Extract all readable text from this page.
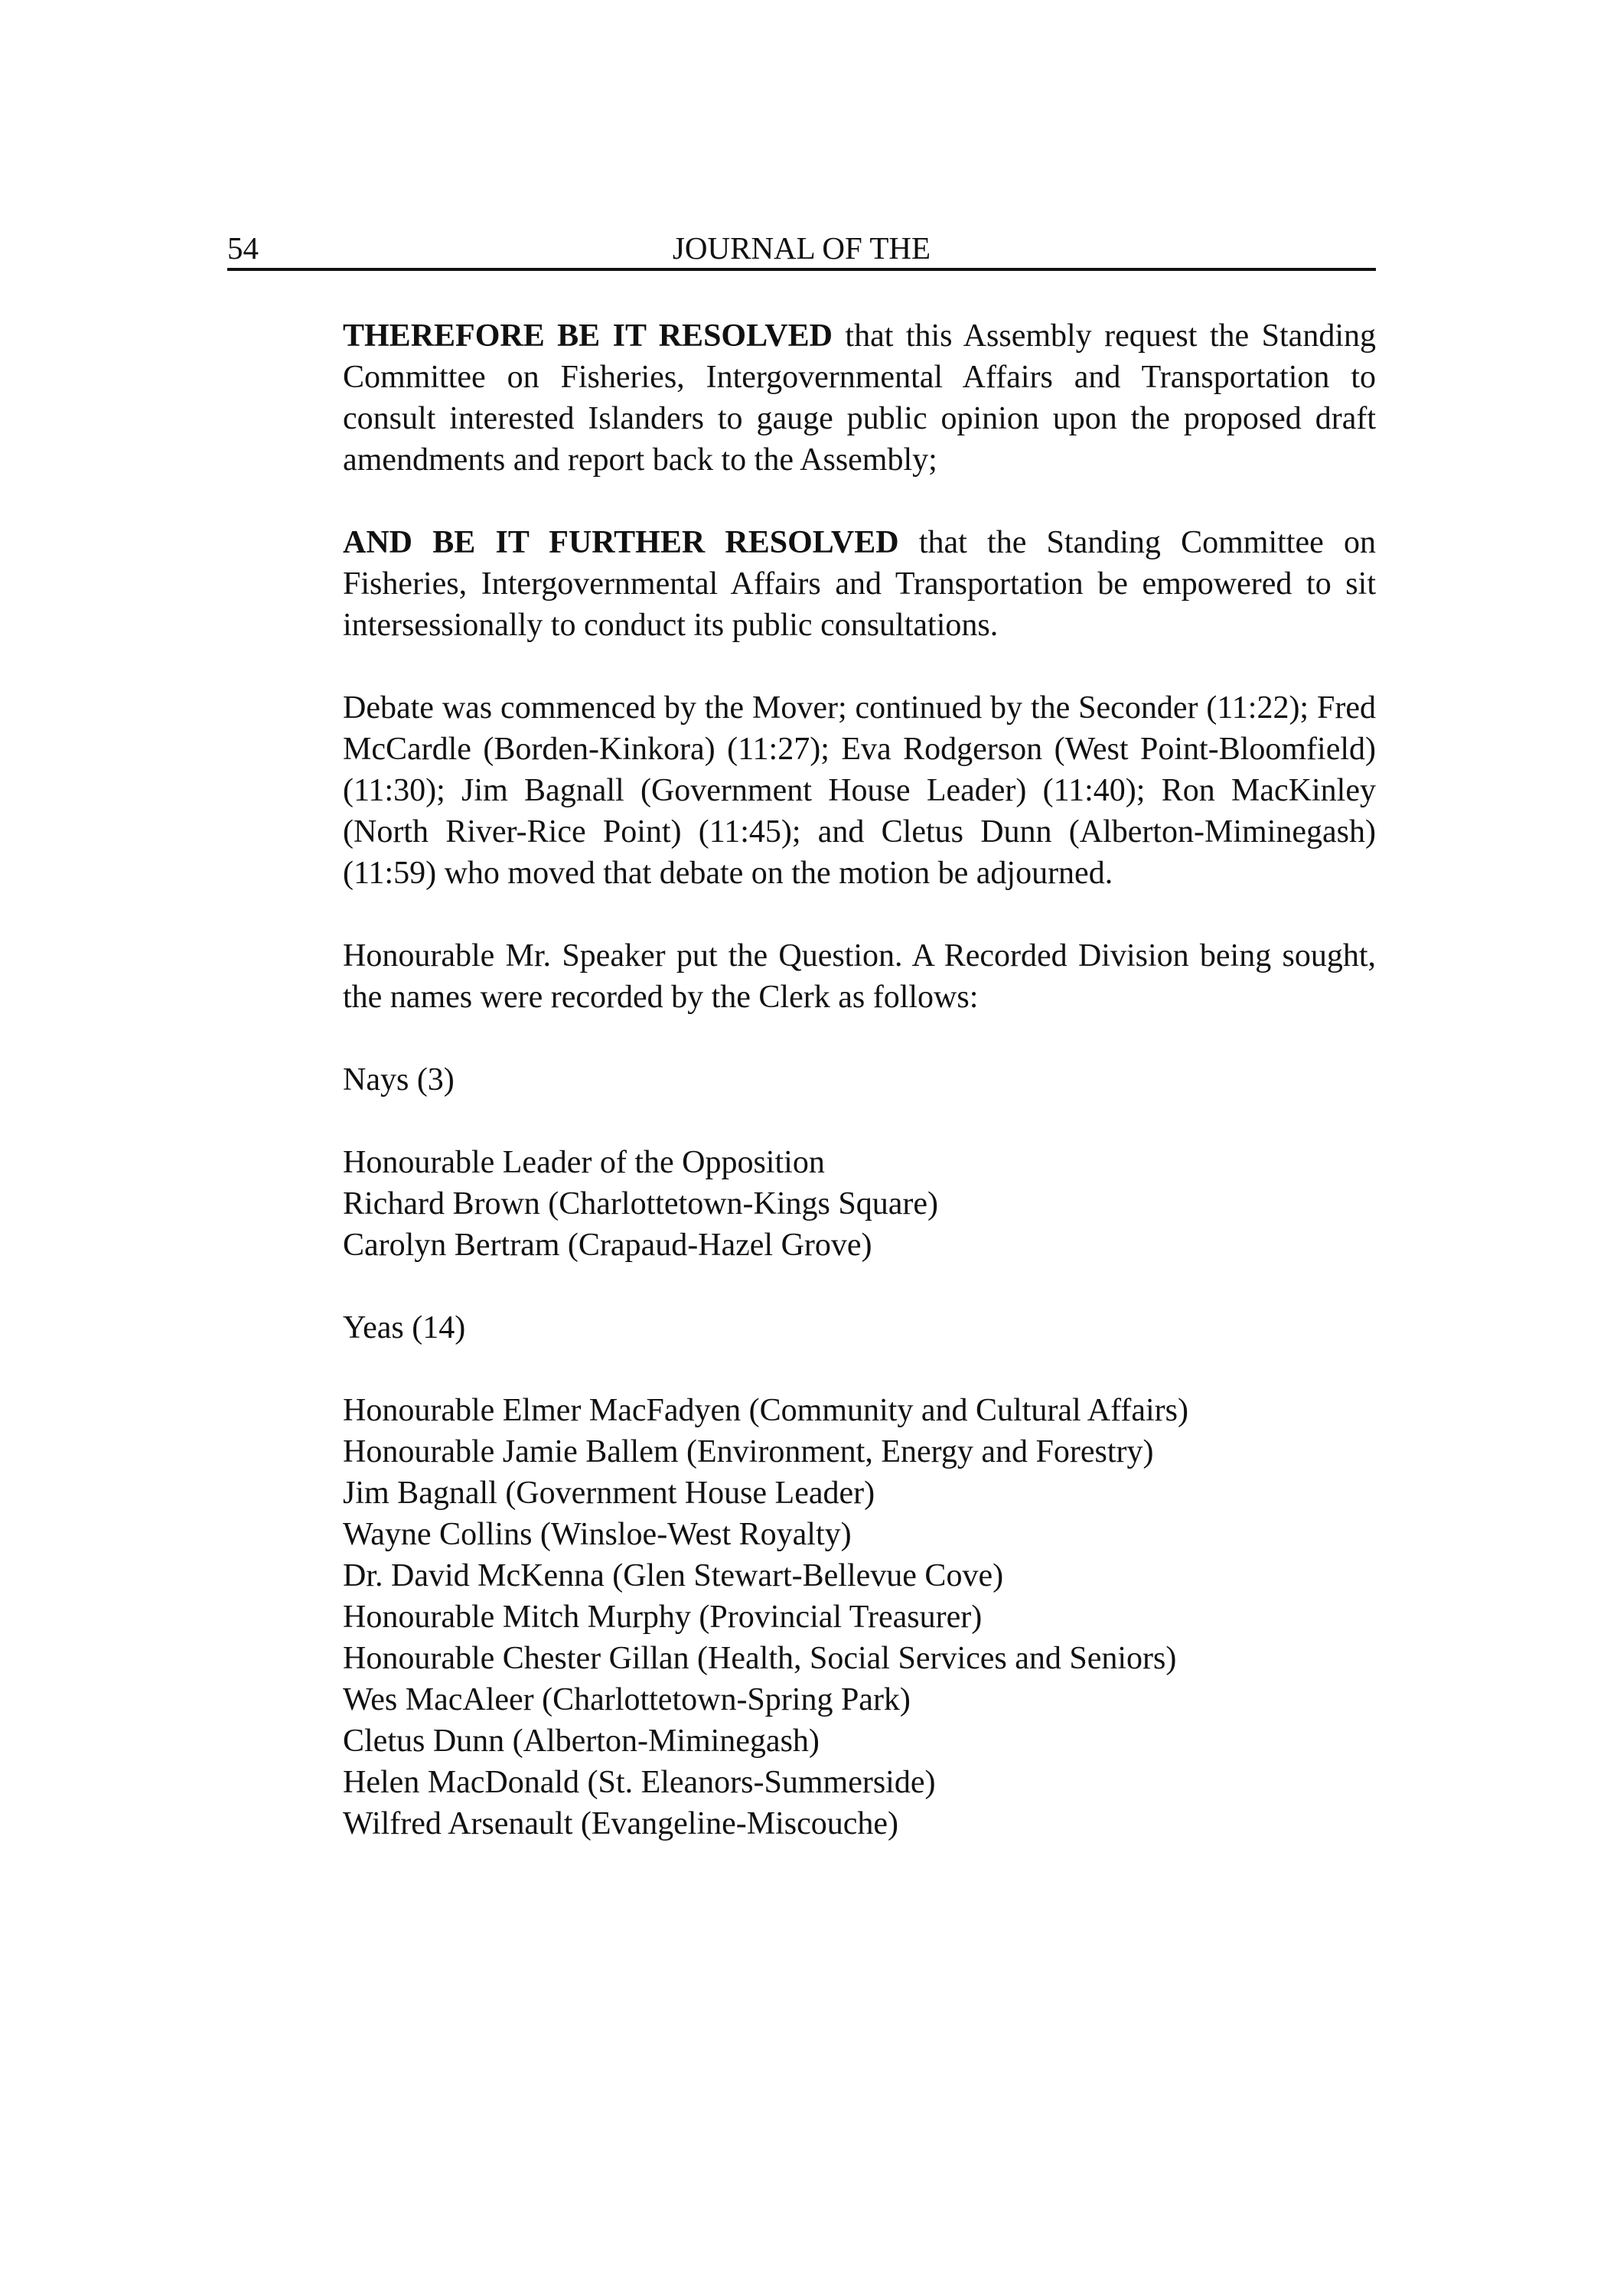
54	JOURNAL OF THE

THEREFORE BE IT RESOLVED that this Assembly request the Standing Committee on Fisheries, Intergovernmental Affairs and Transportation to consult interested Islanders to gauge public opinion upon the proposed draft amendments and report back to the Assembly;

AND BE IT FURTHER RESOLVED that the Standing Committee on Fisheries, Intergovernmental Affairs and Transportation be empowered to sit intersessionally to conduct its public consultations.

Debate was commenced by the Mover; continued by the Seconder (11:22); Fred McCardle (Borden-Kinkora) (11:27); Eva Rodgerson (West Point-Bloomfield) (11:30); Jim Bagnall (Government House Leader) (11:40); Ron MacKinley (North River-Rice Point) (11:45); and Cletus Dunn (Alberton-Miminegash) (11:59) who moved that debate on the motion be adjourned.

Honourable Mr. Speaker put the Question. A Recorded Division being sought, the names were recorded by the Clerk as follows:

Nays (3)

Honourable Leader of the Opposition
Richard Brown (Charlottetown-Kings Square)
Carolyn Bertram (Crapaud-Hazel Grove)

Yeas (14)

Honourable Elmer MacFadyen (Community and Cultural Affairs)
Honourable Jamie Ballem (Environment, Energy and Forestry)
Jim Bagnall (Government House Leader)
Wayne Collins (Winsloe-West Royalty)
Dr. David McKenna (Glen Stewart-Bellevue Cove)
Honourable Mitch Murphy (Provincial Treasurer)
Honourable Chester Gillan (Health, Social Services and Seniors)
Wes MacAleer (Charlottetown-Spring Park)
Cletus Dunn (Alberton-Miminegash)
Helen MacDonald (St. Eleanors-Summerside)
Wilfred Arsenault (Evangeline-Miscouche)
